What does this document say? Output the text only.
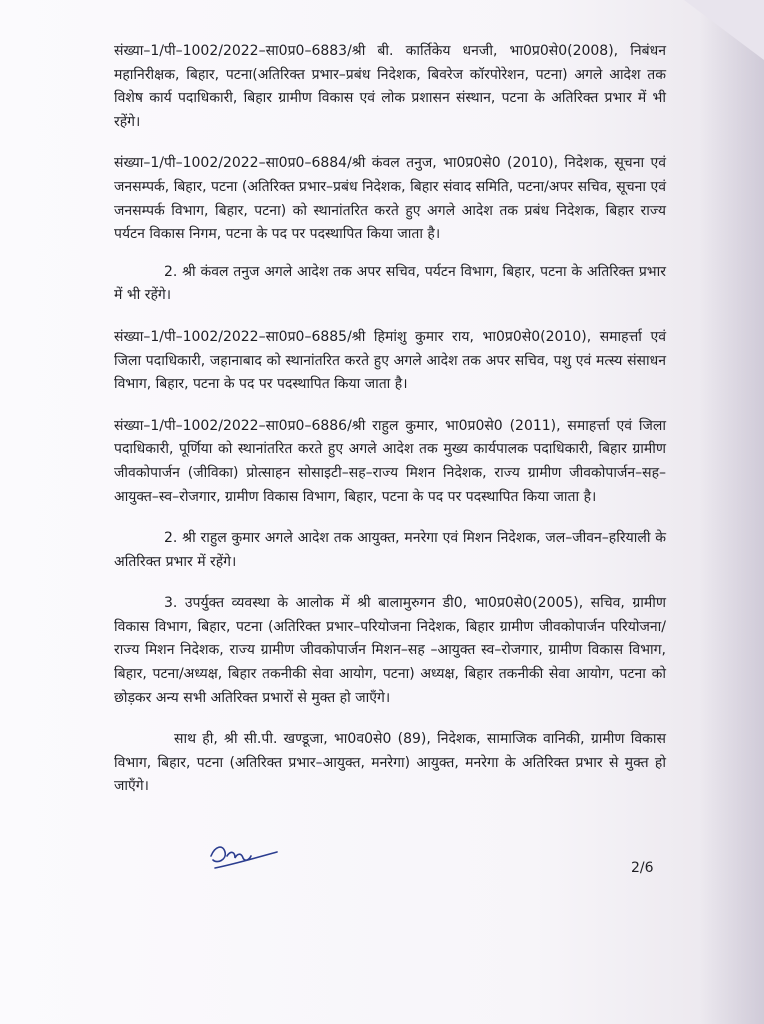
संख्या–1/पी–1002/2022–सा0प्र0–6883/श्री बी. कार्तिकेय धनजी, भा0प्र0से0(2008), निबंधन महानिरीक्षक, बिहार, पटना(अतिरिक्त प्रभार–प्रबंध निदेशक, बिवरेज कॉरपोरेशन, पटना) अगले आदेश तक विशेष कार्य पदाधिकारी, बिहार ग्रामीण विकास एवं लोक प्रशासन संस्थान, पटना के अतिरिक्त प्रभार में भी रहेंगे।

संख्या–1/पी–1002/2022–सा0प्र0–6884/श्री कंवल तनुज, भा0प्र0से0 (2010), निदेशक, सूचना एवं जनसम्पर्क, बिहार, पटना (अतिरिक्त प्रभार–प्रबंध निदेशक, बिहार संवाद समिति, पटना/अपर सचिव, सूचना एवं जनसम्पर्क विभाग, बिहार, पटना) को स्थानांतरित करते हुए अगले आदेश तक प्रबंध निदेशक, बिहार राज्य पर्यटन विकास निगम, पटना के पद पर पदस्थापित किया जाता है।

2. श्री कंवल तनुज अगले आदेश तक अपर सचिव, पर्यटन विभाग, बिहार, पटना के अतिरिक्त प्रभार में भी रहेंगे।

संख्या–1/पी–1002/2022–सा0प्र0–6885/श्री हिमांशु कुमार राय, भा0प्र0से0(2010), समाहर्त्ता एवं जिला पदाधिकारी, जहानाबाद को स्थानांतरित करते हुए अगले आदेश तक अपर सचिव, पशु एवं मत्स्य संसाधन विभाग, बिहार, पटना के पद पर पदस्थापित किया जाता है।

संख्या–1/पी–1002/2022–सा0प्र0–6886/श्री राहुल कुमार, भा0प्र0से0 (2011), समाहर्त्ता एवं जिला पदाधिकारी, पूर्णिया को स्थानांतरित करते हुए अगले आदेश तक मुख्य कार्यपालक पदाधिकारी, बिहार ग्रामीण जीवकोपार्जन (जीविका) प्रोत्साहन सोसाइटी–सह–राज्य मिशन निदेशक, राज्य ग्रामीण जीवकोपार्जन–सह–आयुक्त–स्व–रोजगार, ग्रामीण विकास विभाग, बिहार, पटना के पद पर पदस्थापित किया जाता है।

2. श्री राहुल कुमार अगले आदेश तक आयुक्त, मनरेगा एवं मिशन निदेशक, जल–जीवन–हरियाली के अतिरिक्त प्रभार में रहेंगे।

3. उपर्युक्त व्यवस्था के आलोक में श्री बालामुरुगन डी0, भा0प्र0से0(2005), सचिव, ग्रामीण विकास विभाग, बिहार, पटना (अतिरिक्त प्रभार–परियोजना निदेशक, बिहार ग्रामीण जीवकोपार्जन परियोजना/राज्य मिशन निदेशक, राज्य ग्रामीण जीवकोपार्जन मिशन–सह –आयुक्त स्व–रोजगार, ग्रामीण विकास विभाग, बिहार, पटना/अध्यक्ष, बिहार तकनीकी सेवा आयोग, पटना) अध्यक्ष, बिहार तकनीकी सेवा आयोग, पटना को छोड़कर अन्य सभी अतिरिक्त प्रभारों से मुक्त हो जाएँगे।

साथ ही, श्री सी.पी. खण्डूजा, भा0व0से0 (89), निदेशक, सामाजिक वानिकी, ग्रामीण विकास विभाग, बिहार, पटना (अतिरिक्त प्रभार–आयुक्त, मनरेगा) आयुक्त, मनरेगा के अतिरिक्त प्रभार से मुक्त हो जाएँगे।

2/6
